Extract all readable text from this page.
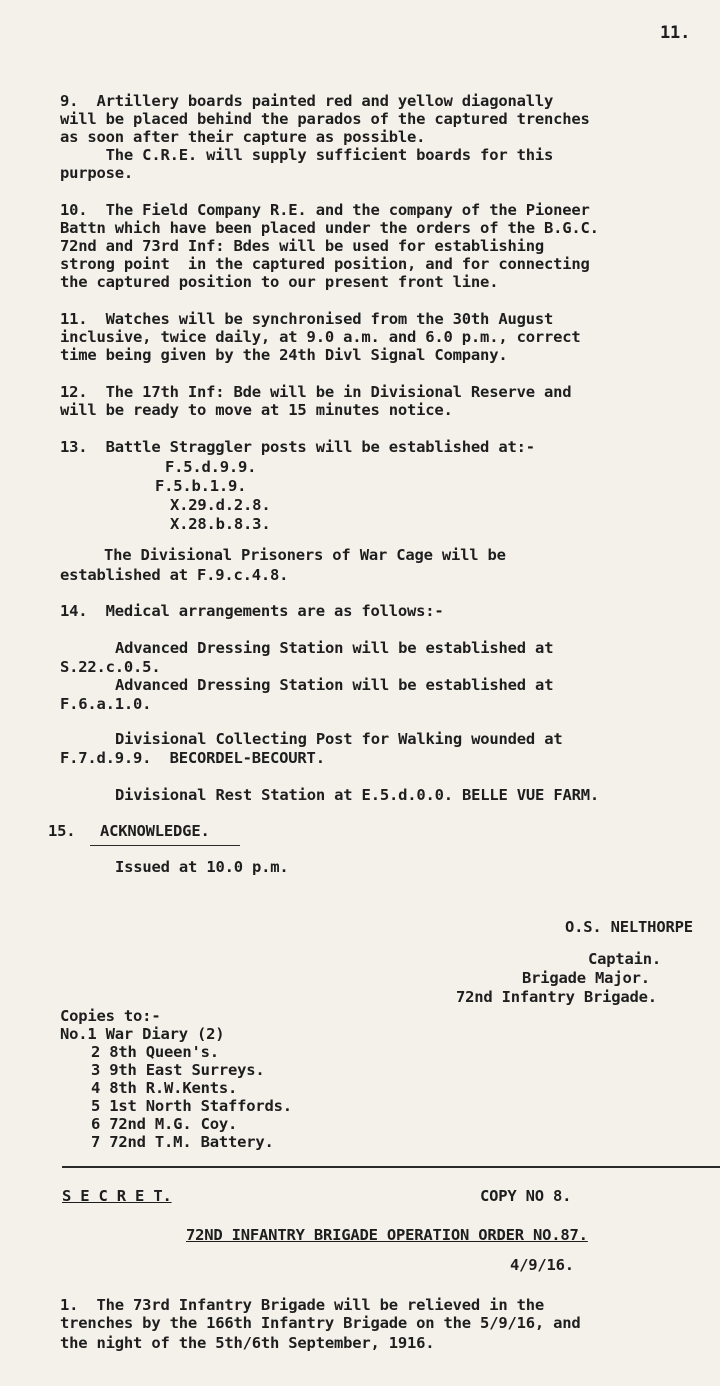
11.
9.  Artillery boards painted red and yellow diagonally
will be placed behind the parados of the captured trenches
as soon after their capture as possible.
The C.R.E. will supply sufficient boards for this
purpose.
10.  The Field Company R.E. and the company of the Pioneer
Battn which have been placed under the orders of the B.G.C.
72nd and 73rd Inf: Bdes will be used for establishing
strong point  in the captured position, and for connecting
the captured position to our present front line.
11.  Watches will be synchronised from the 30th August
inclusive, twice daily, at 9.0 a.m. and 6.0 p.m., correct
time being given by the 24th Divl Signal Company.
12.  The 17th Inf: Bde will be in Divisional Reserve and
will be ready to move at 15 minutes notice.
13.  Battle Straggler posts will be established at:-
F.5.d.9.9.
F.5.b.1.9.
X.29.d.2.8.
X.28.b.8.3.
The Divisional Prisoners of War Cage will be
established at F.9.c.4.8.
14.  Medical arrangements are as follows:-
Advanced Dressing Station will be established at
S.22.c.0.5.
Advanced Dressing Station will be established at
F.6.a.1.0.
Divisional Collecting Post for Walking wounded at
F.7.d.9.9.  BECORDEL-BECOURT.
Divisional Rest Station at E.5.d.0.0. BELLE VUE FARM.
15. ACKNOWLEDGE.
Issued at 10.0 p.m.
O.S. NELTHORPE
Captain.
Brigade Major.
72nd Infantry Brigade.
Copies to:-
No.1 War Diary (2)
2 8th Queen's.
3 9th East Surreys.
4 8th R.W.Kents.
5 1st North Staffords.
6 72nd M.G. Coy.
7 72nd T.M. Battery.
S E C R E T.	COPY NO 8.
72ND INFANTRY BRIGADE OPERATION ORDER NO.87.
4/9/16.
1.  The 73rd Infantry Brigade will be relieved in the
trenches by the 166th Infantry Brigade on the 5/9/16, and
the night of the 5th/6th September, 1916.
